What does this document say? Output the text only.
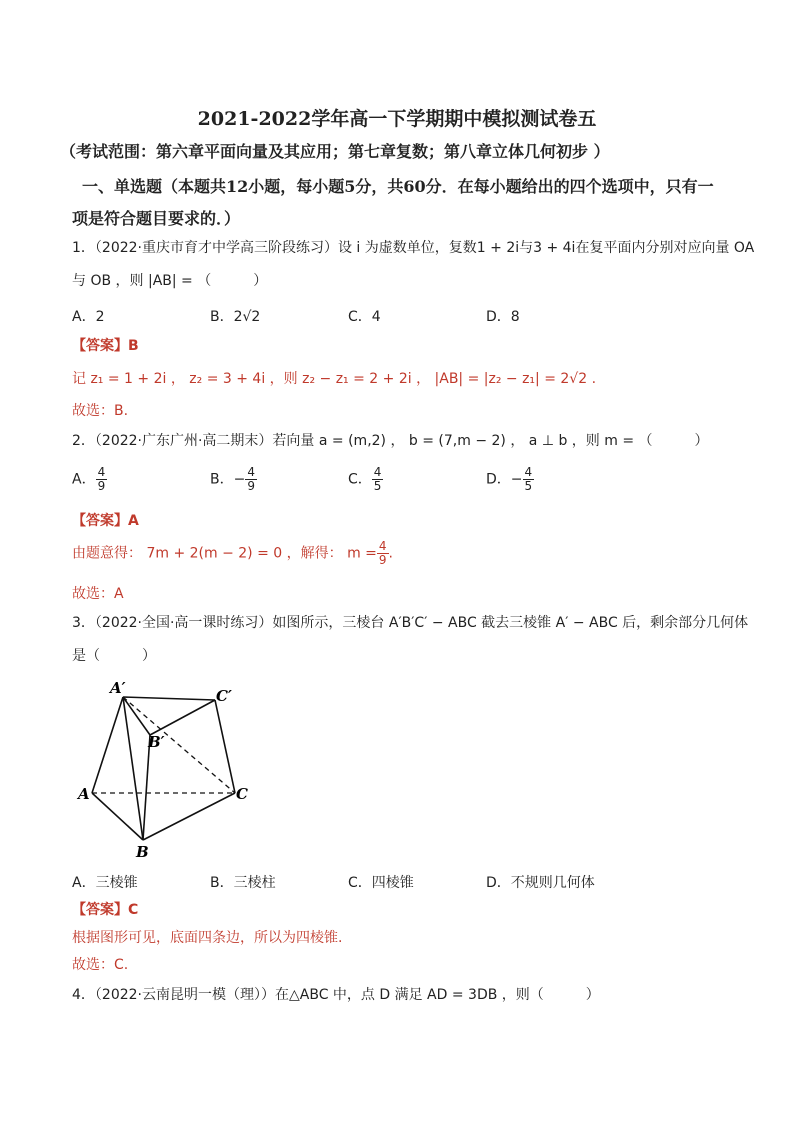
2021-2022学年高一下学期期中模拟测试卷五
（考试范围：第六章平面向量及其应用；第七章复数；第八章立体几何初步 ）
一、单选题（本题共12小题，每小题5分，共60分．在每小题给出的四个选项中，只有一
项是符合题目要求的．）
1．（2022·重庆市育才中学高三阶段练习）设 i 为虚数单位，复数1 + 2i与3 + 4i在复平面内分别对应向量 OA
与 OB ，则 |AB| = （　　　）
A．2	B．2√2	C．4	D．8
【答案】B
记 z₁ = 1 + 2i ， z₂ = 3 + 4i ，则 z₂ − z₁ = 2 + 2i ， |AB| = |z₂ − z₁| = 2√2 .
故选：B.
2．（2022·广东广州·高二期末）若向量 a = (m,2) ， b = (7,m − 2) ， a ⊥ b ，则 m = （　　　）
A． $\frac{4}{9}$	B．− $\frac{4}{9}$	C． $\frac{4}{5}$	D．− $\frac{4}{5}$
【答案】A
由题意得： 7m + 2(m − 2) = 0 ，解得： $m = \frac{4}{9}$ .
故选：A
3．（2022·全国·高一课时练习）如图所示，三棱台 A′B′C′ − ABC 截去三棱锥 A′ − ABC 后，剩余部分几何体
是（　　　）
A′	C′
B′
A	C
B
A．三棱锥	B．三棱柱	C．四棱锥	D．不规则几何体
【答案】C
根据图形可见，底面四条边，所以为四棱锥.
故选：C.
4．（2022·云南昆明一模（理））在△ABC 中，点 D 满足 AD = 3DB ，则（　　　）
